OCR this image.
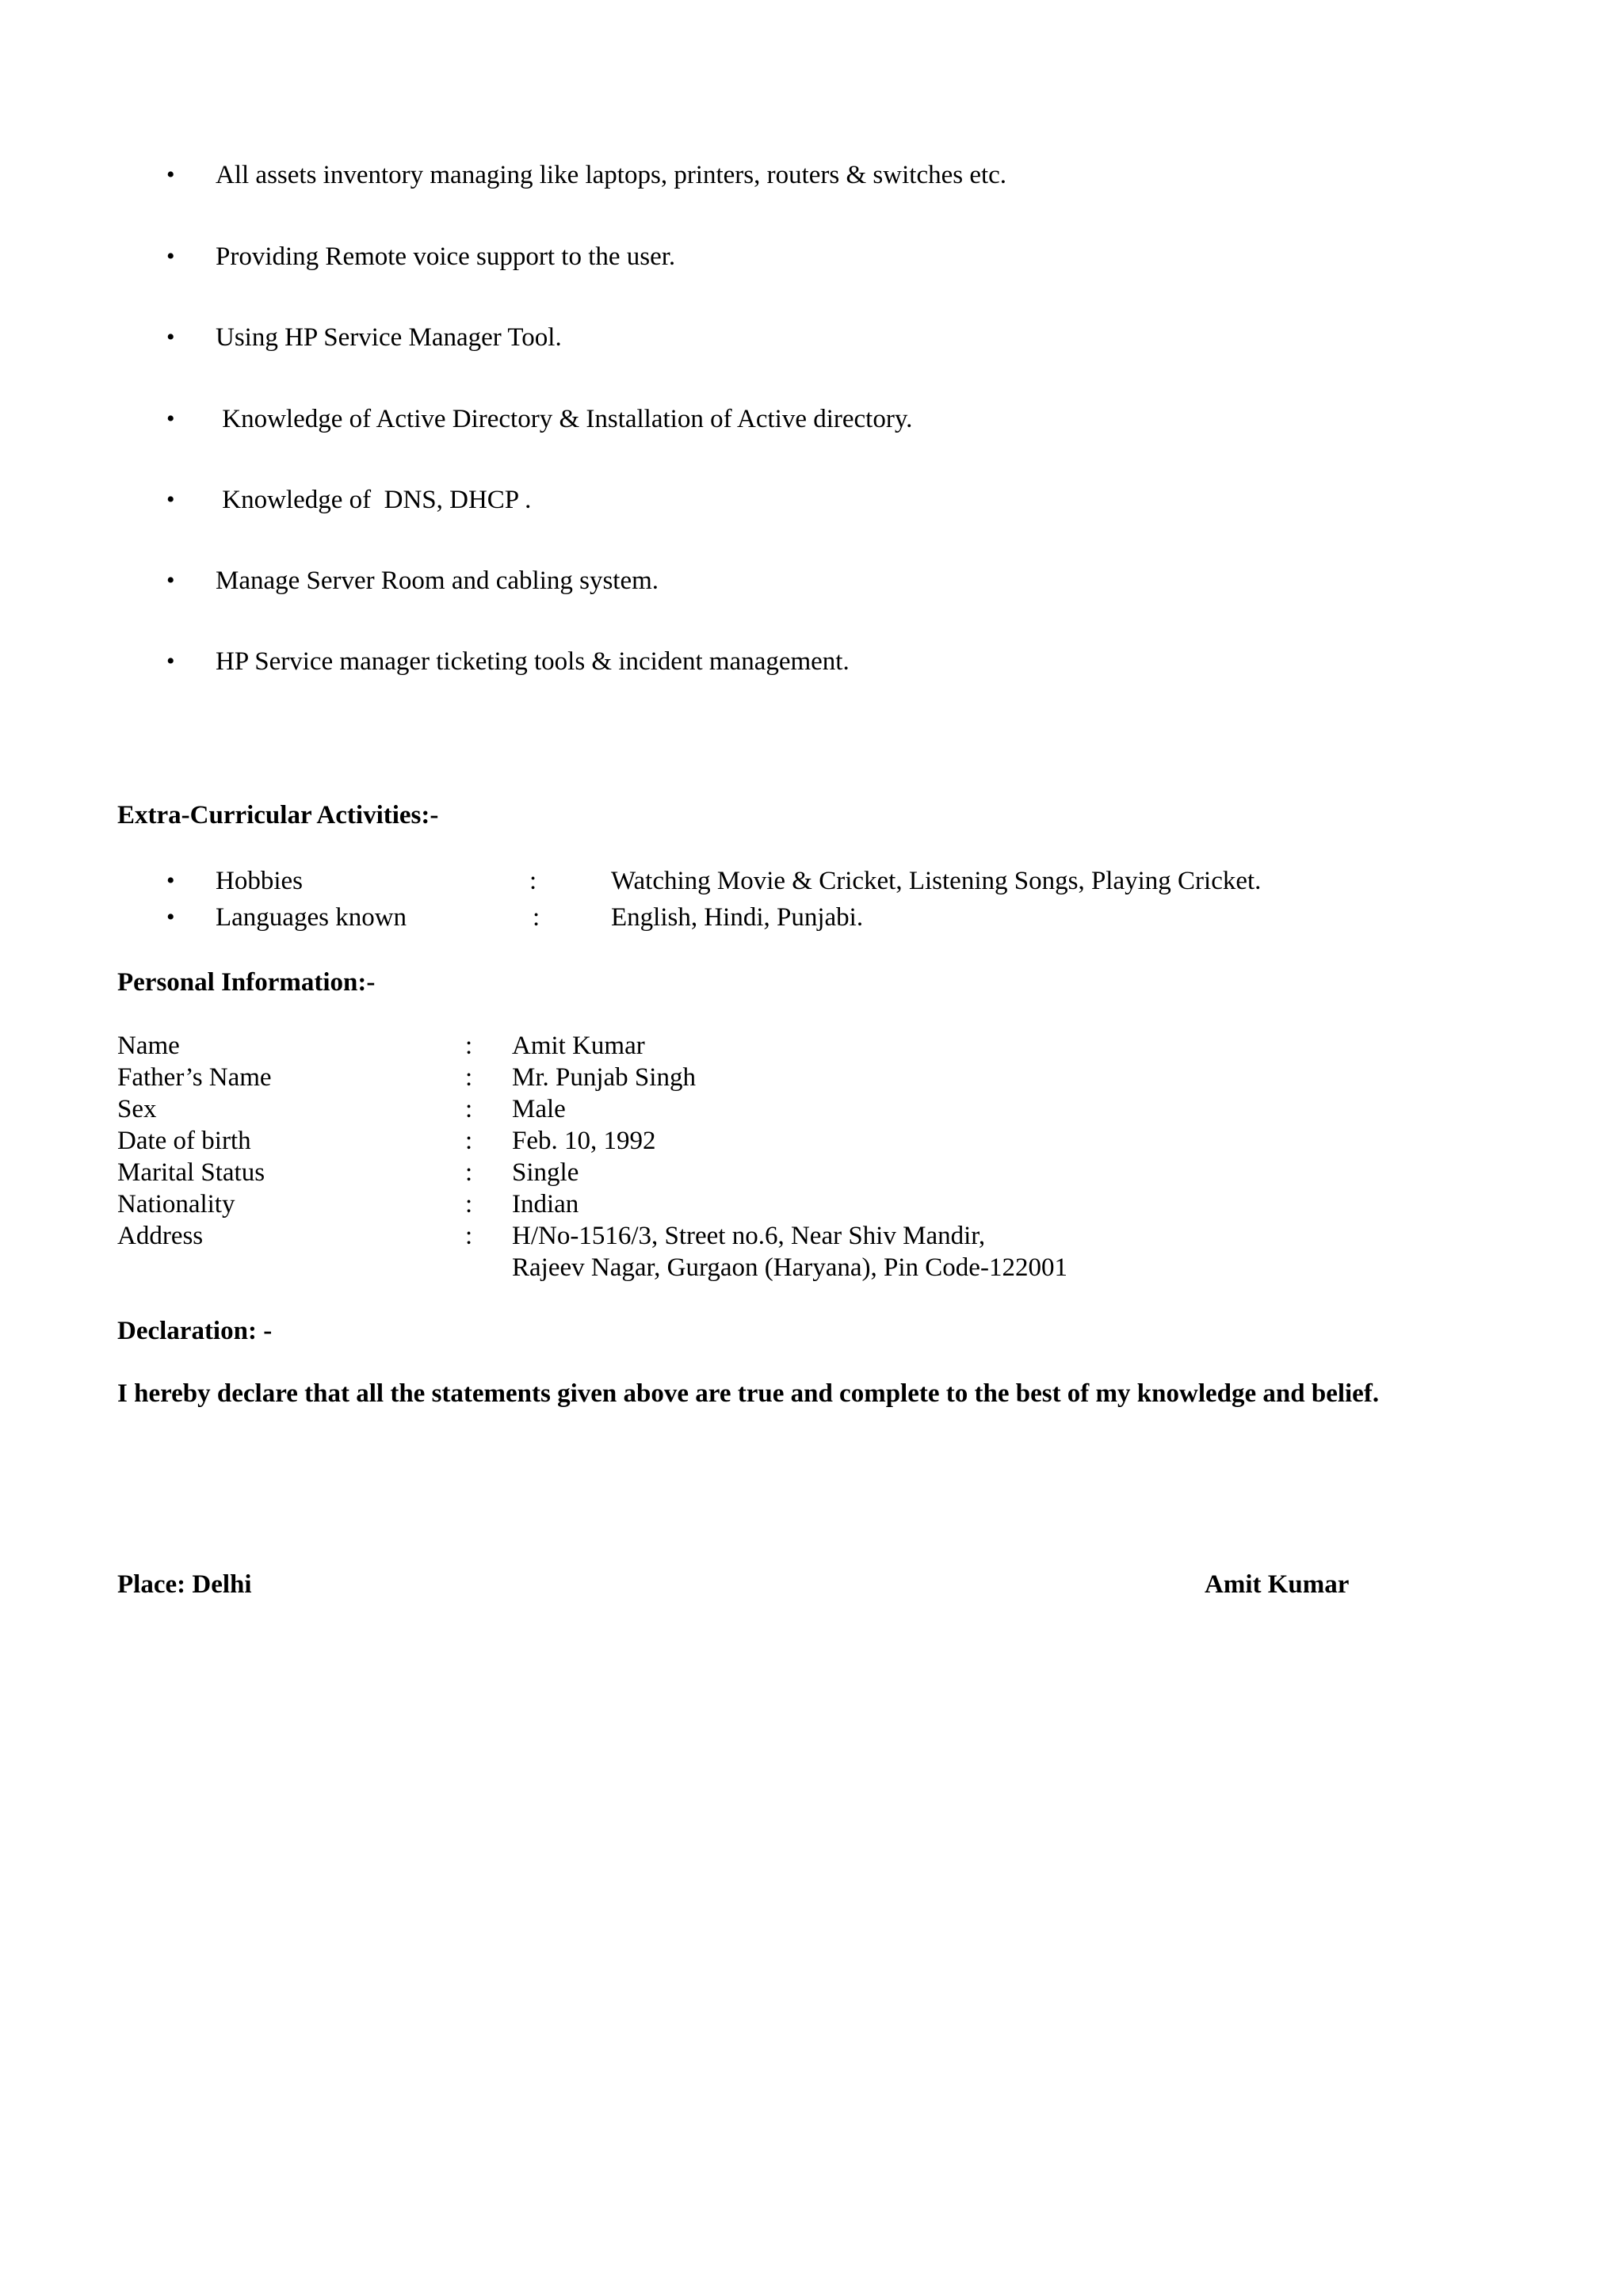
• All assets inventory managing like laptops, printers, routers & switches etc.
• Providing Remote voice support to the user.
• Using HP Service Manager Tool.
• Knowledge of Active Directory & Installation of Active directory.
• Knowledge of  DNS, DHCP .
• Manage Server Room and cabling system.
• HP Service manager ticketing tools & incident management.
Extra-Curricular Activities:-
• Hobbies	:	Watching Movie & Cricket, Listening Songs, Playing Cricket.
• Languages known	:	English, Hindi, Punjabi.
Personal Information:-
Name	: Amit Kumar
Father’s Name	: Mr. Punjab Singh
Sex	: Male
Date of birth	: Feb. 10, 1992
Marital Status	: Single
Nationality	: Indian
Address	: H/No-1516/3, Street no.6, Near Shiv Mandir,
Rajeev Nagar, Gurgaon (Haryana), Pin Code-122001
Declaration: -
I hereby declare that all the statements given above are true and complete to the best of my knowledge and belief.
Place: Delhi	Amit Kumar
